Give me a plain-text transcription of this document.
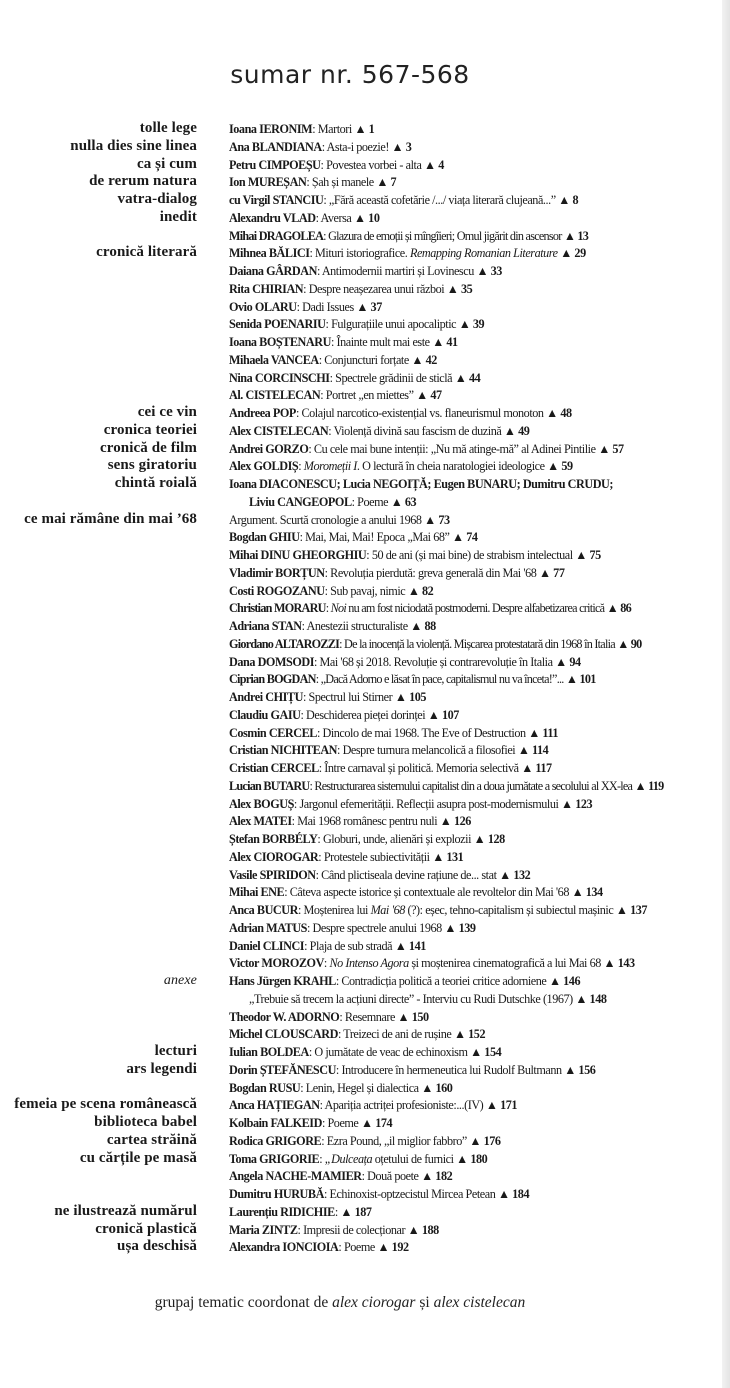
sumar nr. 567-568
tolle lege	Ioana IERONIM: Martori ▲ 1
nulla dies sine linea	Ana BLANDIANA: Asta-i poezie! ▲ 3
ca și cum	Petru CIMPOEȘU: Povestea vorbei - alta ▲ 4
de rerum natura	Ion MUREȘAN: Șah și manele ▲ 7
vatra-dialog	cu Virgil STANCIU: „Fără această cofetărie /.../ viața literară clujeană...” ▲ 8
inedit	Alexandru VLAD: Aversa ▲ 10
Mihai DRAGOLEA: Glazura de emoții și mîngîieri; Omul jigărit din ascensor ▲ 13
cronică literară	Mihnea BĂLICI: Mituri istoriografice. Remapping Romanian Literature ▲ 29
Daiana GÂRDAN: Antimodernii martiri și Lovinescu ▲ 33
Rita CHIRIAN: Despre neașezarea unui război ▲ 35
Ovio OLARU: Dadi Issues ▲ 37
Senida POENARIU: Fulgurațiile unui apocaliptic ▲ 39
Ioana BOȘTENARU: Înainte mult mai este ▲ 41
Mihaela VANCEA: Conjuncturi forțate ▲ 42
Nina CORCINSCHI: Spectrele grădinii de sticlă ▲ 44
Al. CISTELECAN: Portret „en miettes” ▲ 47
cei ce vin	Andreea POP: Colajul narcotico-existențial vs. flaneurismul monoton ▲ 48
cronica teoriei	Alex CISTELECAN: Violență divină sau fascism de duzină ▲ 49
cronică de film	Andrei GORZO: Cu cele mai bune intenții: „Nu mă atinge-mă” al Adinei Pintilie ▲ 57
sens giratoriu	Alex GOLDIȘ: Moromeții I. O lectură în cheia naratologiei ideologice ▲ 59
chintă roială	Ioana DIACONESCU; Lucia NEGOIȚĂ; Eugen BUNARU; Dumitru CRUDU;
Liviu CANGEOPOL: Poeme ▲ 63
ce mai rămâne din mai ’68	Argument. Scurtă cronologie a anului 1968 ▲ 73
Bogdan GHIU: Mai, Mai, Mai! Epoca „Mai 68” ▲ 74
Mihai DINU GHEORGHIU: 50 de ani (și mai bine) de strabism intelectual ▲ 75
Vladimir BORȚUN: Revoluția pierdută: greva generală din Mai '68 ▲ 77
Costi ROGOZANU: Sub pavaj, nimic ▲ 82
Christian MORARU: Noi nu am fost niciodată postmoderni. Despre alfabetizarea critică ▲ 86
Adriana STAN: Anestezii structuraliste ▲ 88
Giordano ALTAROZZI: De la inocență la violență. Mișcarea protestatară din 1968 în Italia ▲ 90
Dana DOMSODI: Mai '68 și 2018. Revoluție și contrarevoluție în Italia ▲ 94
Ciprian BOGDAN: „Dacă Adorno e lăsat în pace, capitalismul nu va înceta!”... ▲ 101
Andrei CHIȚU: Spectrul lui Stirner ▲ 105
Claudiu GAIU: Deschiderea pieței dorinței ▲ 107
Cosmin CERCEL: Dincolo de mai 1968. The Eve of Destruction ▲ 111
Cristian NICHITEAN: Despre turnura melancolică a filosofiei ▲ 114
Cristian CERCEL: Între carnaval și politică. Memoria selectivă ▲ 117
Lucian BUTARU: Restructurarea sistemului capitalist din a doua jumătate a secolului al XX-lea ▲ 119
Alex BOGUȘ: Jargonul efemerității. Reflecții asupra post-modernismului ▲ 123
Alex MATEI: Mai 1968 românesc pentru nuli ▲ 126
Ștefan BORBÉLY: Globuri, unde, alienări și explozii ▲ 128
Alex CIOROGAR: Protestele subiectivității ▲ 131
Vasile SPIRIDON: Când plictiseala devine rațiune de... stat ▲ 132
Mihai ENE: Câteva aspecte istorice și contextuale ale revoltelor din Mai '68 ▲ 134
Anca BUCUR: Moștenirea lui Mai '68 (?): eșec, tehno-capitalism și subiectul mașinic ▲ 137
Adrian MATUS: Despre spectrele anului 1968 ▲ 139
Daniel CLINCI: Plaja de sub stradă ▲ 141
Victor MOROZOV: No Intenso Agora și moștenirea cinematografică a lui Mai 68 ▲ 143
anexe	Hans Jürgen KRAHL: Contradicția politică a teoriei critice adorniene ▲ 146
„Trebuie să trecem la acțiuni directe” - Interviu cu Rudi Dutschke (1967) ▲ 148
Theodor W. ADORNO: Resemnare ▲ 150
Michel CLOUSCARD: Treizeci de ani de rușine ▲ 152
lecturi	Iulian BOLDEA: O jumătate de veac de echinoxism ▲ 154
ars legendi	Dorin ȘTEFĂNESCU: Introducere în hermeneutica lui Rudolf Bultmann ▲ 156
Bogdan RUSU: Lenin, Hegel și dialectica ▲ 160
femeia pe scena românească	Anca HAȚIEGAN: Apariția actriței profesioniste:...(IV) ▲ 171
biblioteca babel	Kolbain FALKEID: Poeme ▲ 174
cartea străină	Rodica GRIGORE: Ezra Pound, „il miglior fabbro” ▲ 176
cu cărțile pe masă	Toma GRIGORIE: „Dulceața oțetului de furnici ▲ 180
Angela NACHE-MAMIER: Două poete ▲ 182
Dumitru HURUBĂ: Echinoxist-optzecistul Mircea Petean ▲ 184
ne ilustrează numărul	Laurențiu RIDICHIE: ▲ 187
cronică plastică	Maria ZINTZ: Impresii de colecționar ▲ 188
ușa deschisă	Alexandra IONCIOIA: Poeme ▲ 192
grupaj tematic coordonat de alex ciorogar și alex cistelecan
